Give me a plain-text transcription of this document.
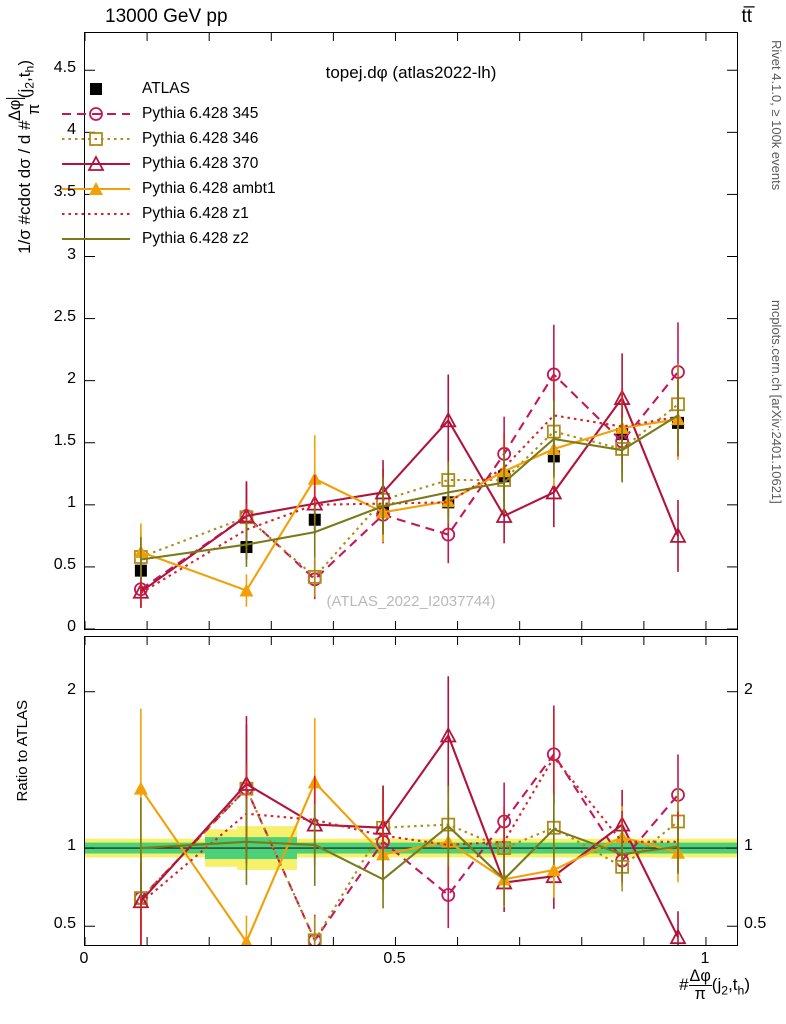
13000 GeV pp	tt̅
Rivet 4.1.0, ≥ 100k events
mcplots.cern.ch [arXiv:2401.10621]
1/σ #cdot dσ / d #
Δφ π
$(j_2,t_h)$
Ratio to ATLAS
# $\frac{\Delta\varphi}{\pi} (j_2,t_h)$
topej.dφ (atlas2022-lh)
(ATLAS_2022_I2037744)
ATLAS
Pythia 6.428 345
Pythia 6.428 346
Pythia 6.428 370
Pythia 6.428 ambt1
Pythia 6.428 z1
Pythia 6.428 z2
0
0.5
1
1.5
2
2.5
3
3.5
4
4.5
0.5	0.5
1	1
2	2
0	0.5	1
